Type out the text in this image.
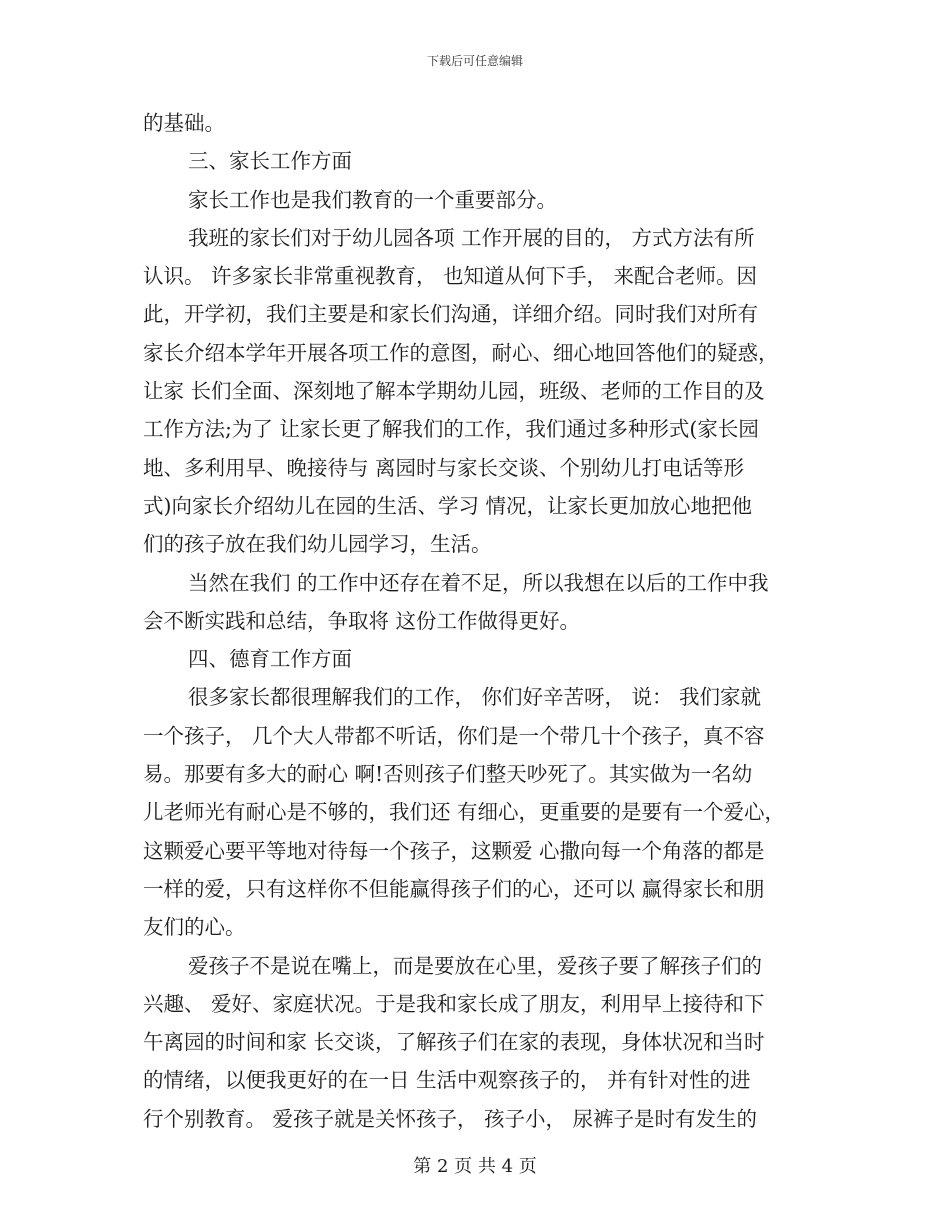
下载后可任意编辑
的基础。
三、家长工作方面
家长工作也是我们教育的一个重要部分。
我班的家长们对于幼儿园各项 工作开展的目的， 方式方法有所
认识。 许多家长非常重视教育， 也知道从何下手， 来配合老师。因
此，开学初，我们主要是和家长们沟通，详细介绍。同时我们对所有
家长介绍本学年开展各项工作的意图，耐心、细心地回答他们的疑惑，
让家 长们全面、深刻地了解本学期幼儿园，班级、老师的工作目的及
工作方法;为了 让家长更了解我们的工作，我们通过多种形式(家长园
地、多利用早、晚接待与 离园时与家长交谈、个别幼儿打电话等形
式)向家长介绍幼儿在园的生活、学习 情况，让家长更加放心地把他
们的孩子放在我们幼儿园学习，生活。
当然在我们 的工作中还存在着不足，所以我想在以后的工作中我
会不断实践和总结，争取将 这份工作做得更好。
四、德育工作方面
很多家长都很理解我们的工作， 你们好辛苦呀， 说： 我们家就
一个孩子， 几个大人带都不听话，你们是一个带几十个孩子，真不容
易。那要有多大的耐心 啊!否则孩子们整天吵死了。其实做为一名幼
儿老师光有耐心是不够的，我们还 有细心，更重要的是要有一个爱心，
这颗爱心要平等地对待每一个孩子，这颗爱 心撒向每一个角落的都是
一样的爱，只有这样你不但能赢得孩子们的心，还可以 赢得家长和朋
友们的心。
爱孩子不是说在嘴上，而是要放在心里，爱孩子要了解孩子们的
兴趣、 爱好、家庭状况。于是我和家长成了朋友，利用早上接待和下
午离园的时间和家 长交谈，了解孩子们在家的表现，身体状况和当时
的情绪，以便我更好的在一日 生活中观察孩子的， 并有针对性的进
行个别教育。 爱孩子就是关怀孩子， 孩子小， 尿裤子是时有发生的
第 2 页 共 4 页
